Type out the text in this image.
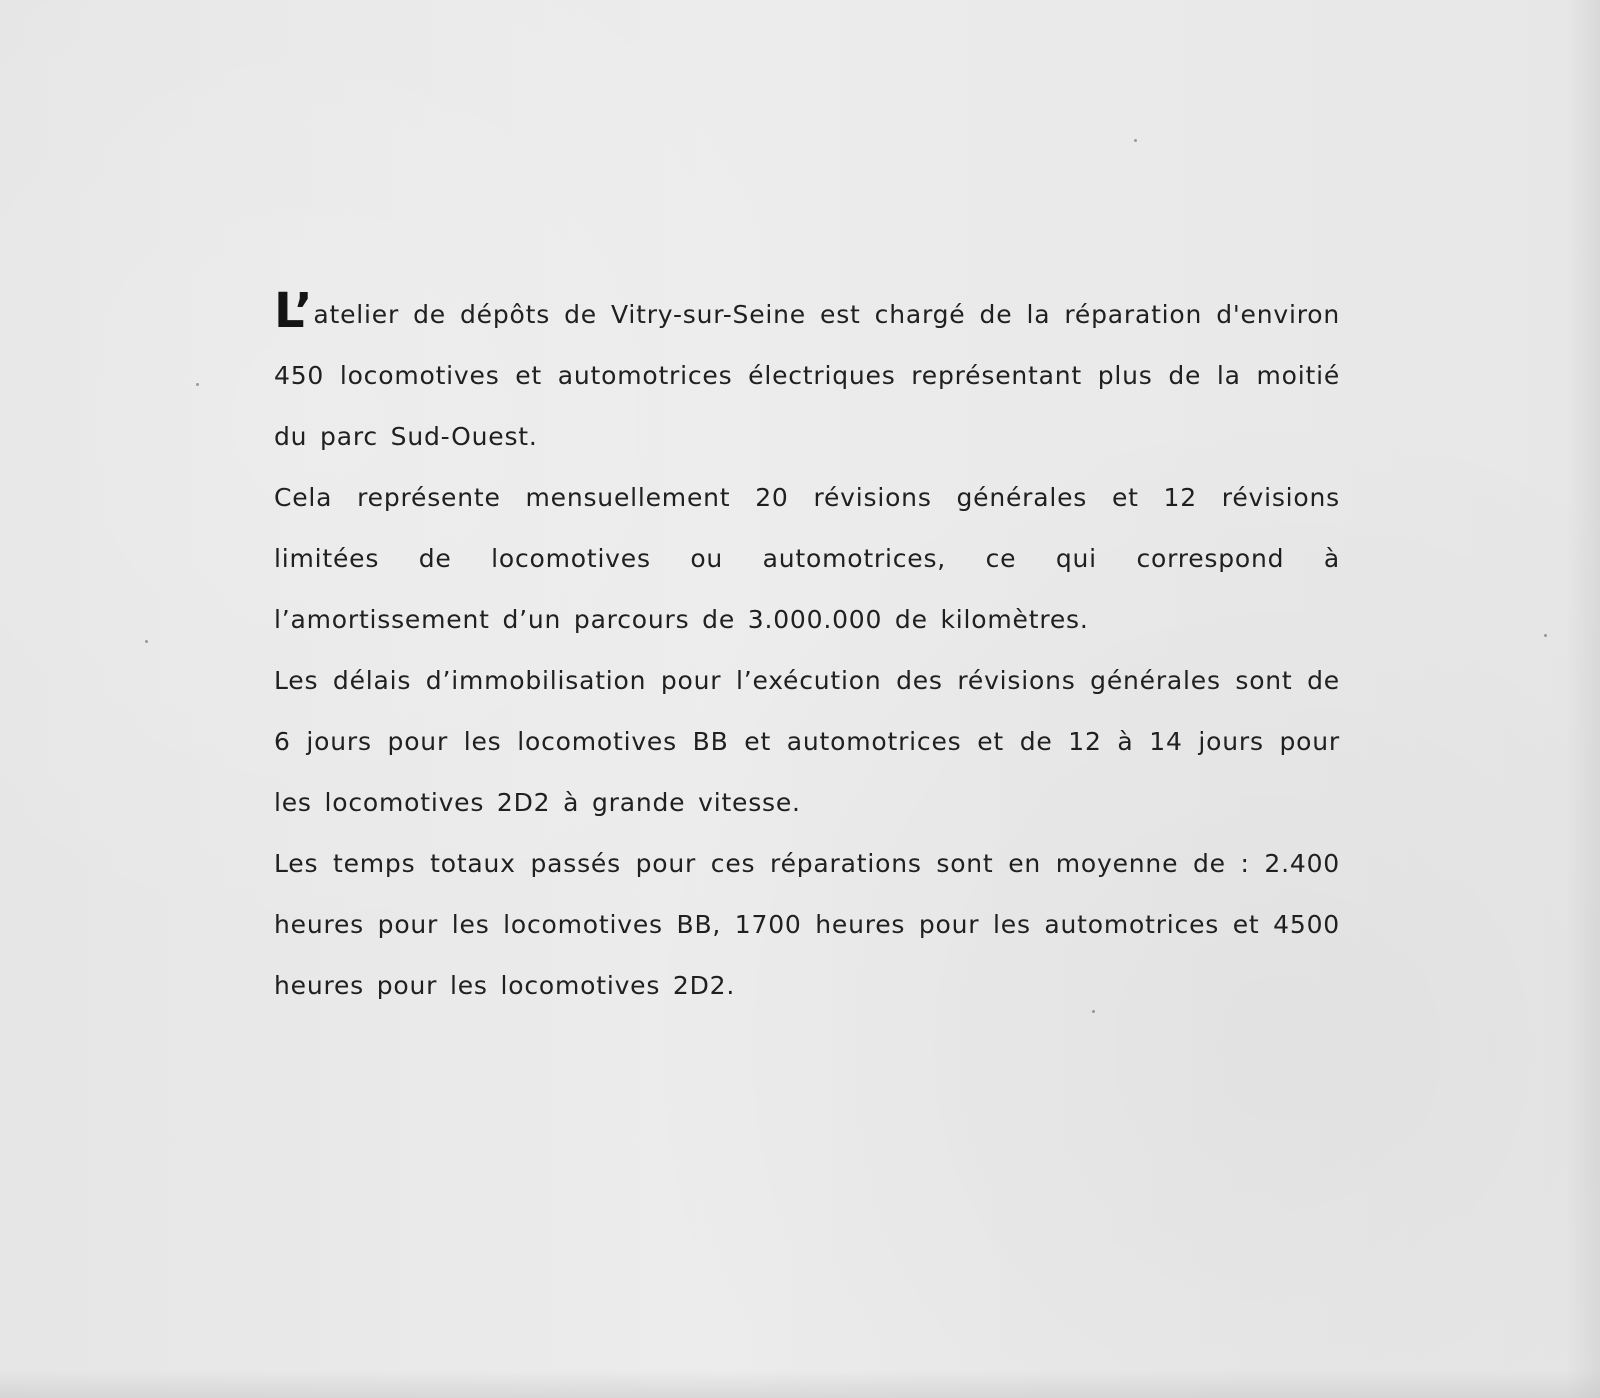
L’atelier de dépôts de Vitry-sur-Seine est chargé de la réparation d'environ 450 locomotives et automotrices électriques représentant plus de la moitié du parc Sud-Ouest.

Cela représente mensuellement 20 révisions générales et 12 révisions limitées de locomotives ou automotrices, ce qui correspond à l’amortissement d’un parcours de 3.000.000 de kilomètres.

Les délais d’immobilisation pour l’exécution des révisions générales sont de 6 jours pour les locomotives BB et automotrices et de 12 à 14 jours pour les locomotives 2D2 à grande vitesse.

Les temps totaux passés pour ces réparations sont en moyenne de : 2.400 heures pour les locomotives BB, 1700 heures pour les automotrices et 4500 heures pour les locomotives 2D2.
